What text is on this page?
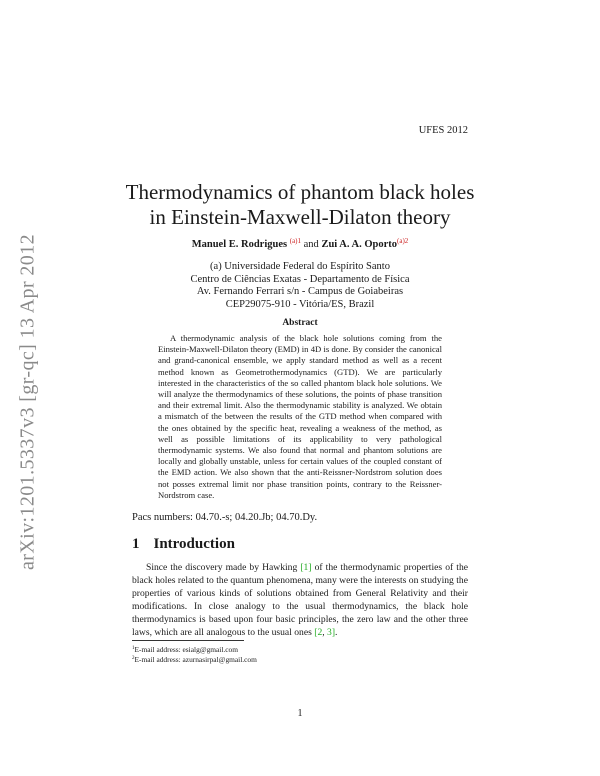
arXiv:1201.5337v3 [gr-qc] 13 Apr 2012
UFES 2012
Thermodynamics of phantom black holes
in Einstein-Maxwell-Dilaton theory
Manuel E. Rodrigues $^{(a)1}$ and Zui A. A. Oporto$^{(a)2}$
(a) Universidade Federal do Espírito Santo
Centro de Ciências Exatas - Departamento de Física
Av. Fernando Ferrari s/n - Campus de Goiabeiras
CEP29075-910 - Vitória/ES, Brazil
Abstract
A thermodynamic analysis of the black hole solutions coming from the Einstein-Maxwell-Dilaton theory (EMD) in 4D is done. By consider the canonical and grand-canonical ensemble, we apply standard method as well as a recent method known as Geometrothermodynamics (GTD). We are particularly interested in the characteristics of the so called phantom black hole solutions. We will analyze the thermodynamics of these solutions, the points of phase transition and their extremal limit. Also the thermodynamic stability is analyzed. We obtain a mismatch of the between the results of the GTD method when compared with the ones obtained by the specific heat, revealing a weakness of the method, as well as possible limitations of its applicability to very pathological thermodynamic systems. We also found that normal and phantom solutions are locally and globally unstable, unless for certain values of the coupled constant of the EMD action. We also shown that the anti-Reissner-Nordstrom solution does not posses extremal limit nor phase transition points, contrary to the Reissner-Nordstrom case.
Pacs numbers: 04.70.-s; 04.20.Jb; 04.70.Dy.
1 Introduction
Since the discovery made by Hawking [1] of the thermodynamic properties of the black holes related to the quantum phenomena, many were the interests on studying the properties of various kinds of solutions obtained from General Relativity and their modifications. In close analogy to the usual thermodynamics, the black hole thermodynamics is based upon four basic principles, the zero law and the other three laws, which are all analogous to the usual ones [2, 3].
$^1$E-mail address: esialg@gmail.com
$^2$E-mail address: azurnasirpal@gmail.com
1
